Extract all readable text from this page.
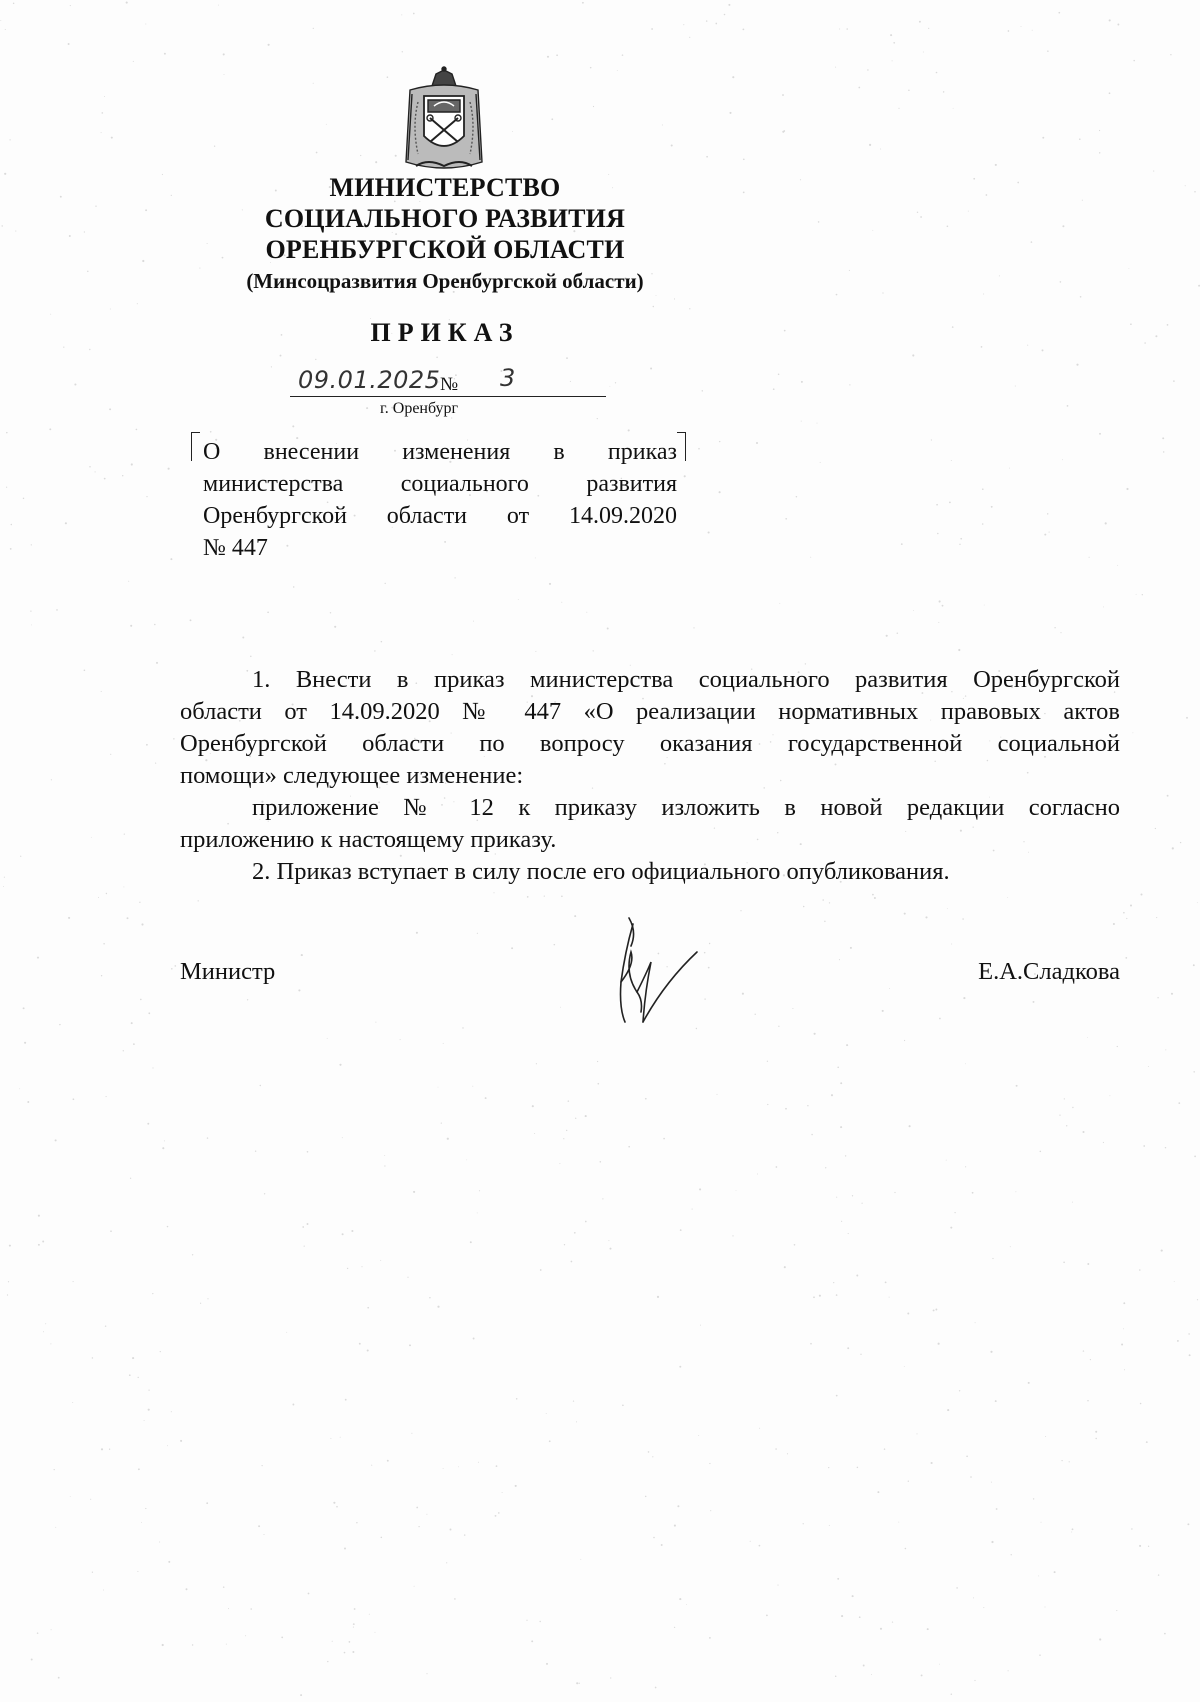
МИНИСТЕРСТВО
СОЦИАЛЬНОГО РАЗВИТИЯ
ОРЕНБУРГСКОЙ ОБЛАСТИ
(Минсоцразвития Оренбургской области)
ПРИКАЗ
09.01.2025 № 3
г. Оренбург
О внесении изменения в приказ
министерства социального развития
Оренбургской области от 14.09.2020
№ 447
1. Внести в приказ министерства социального развития Оренбургской
области от 14.09.2020 № 447 «О реализации нормативных правовых актов
Оренбургской области по вопросу оказания государственной социальной
помощи» следующее изменение:
приложение № 12 к приказу изложить в новой редакции согласно
приложению к настоящему приказу.
2. Приказ вступает в силу после его официального опубликования.
Министр	Е.А.Сладкова
